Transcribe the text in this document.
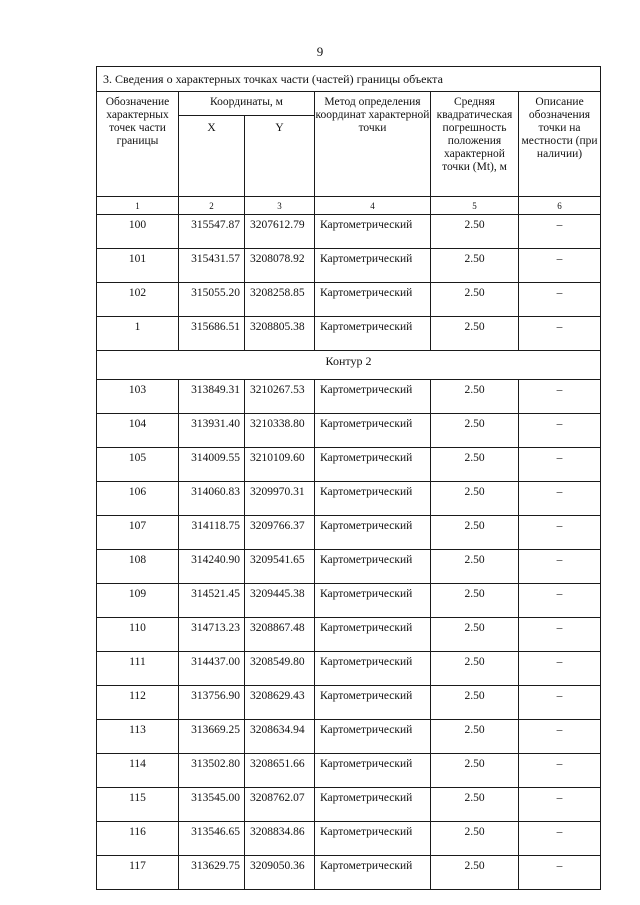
9
3. Сведения о характерных точках части (частей) границы объекта					
Обозначение характерных точек части границы	Координаты, м		Метод определения координат характерной точки	Средняя квадратическая погрешность положения характерной точки (Mt), м	Описание обозначения точки на местности (при наличии)
	X	Y			
1	2	3	4	5	6
100	315547.87	3207612.79	Картометрический	2.50	–
101	315431.57	3208078.92	Картометрический	2.50	–
102	315055.20	3208258.85	Картометрический	2.50	–
1	315686.51	3208805.38	Картометрический	2.50	–
Контур 2					
103	313849.31	3210267.53	Картометрический	2.50	–
104	313931.40	3210338.80	Картометрический	2.50	–
105	314009.55	3210109.60	Картометрический	2.50	–
106	314060.83	3209970.31	Картометрический	2.50	–
107	314118.75	3209766.37	Картометрический	2.50	–
108	314240.90	3209541.65	Картометрический	2.50	–
109	314521.45	3209445.38	Картометрический	2.50	–
110	314713.23	3208867.48	Картометрический	2.50	–
111	314437.00	3208549.80	Картометрический	2.50	–
112	313756.90	3208629.43	Картометрический	2.50	–
113	313669.25	3208634.94	Картометрический	2.50	–
114	313502.80	3208651.66	Картометрический	2.50	–
115	313545.00	3208762.07	Картометрический	2.50	–
116	313546.65	3208834.86	Картометрический	2.50	–
117	313629.75	3209050.36	Картометрический	2.50	–
